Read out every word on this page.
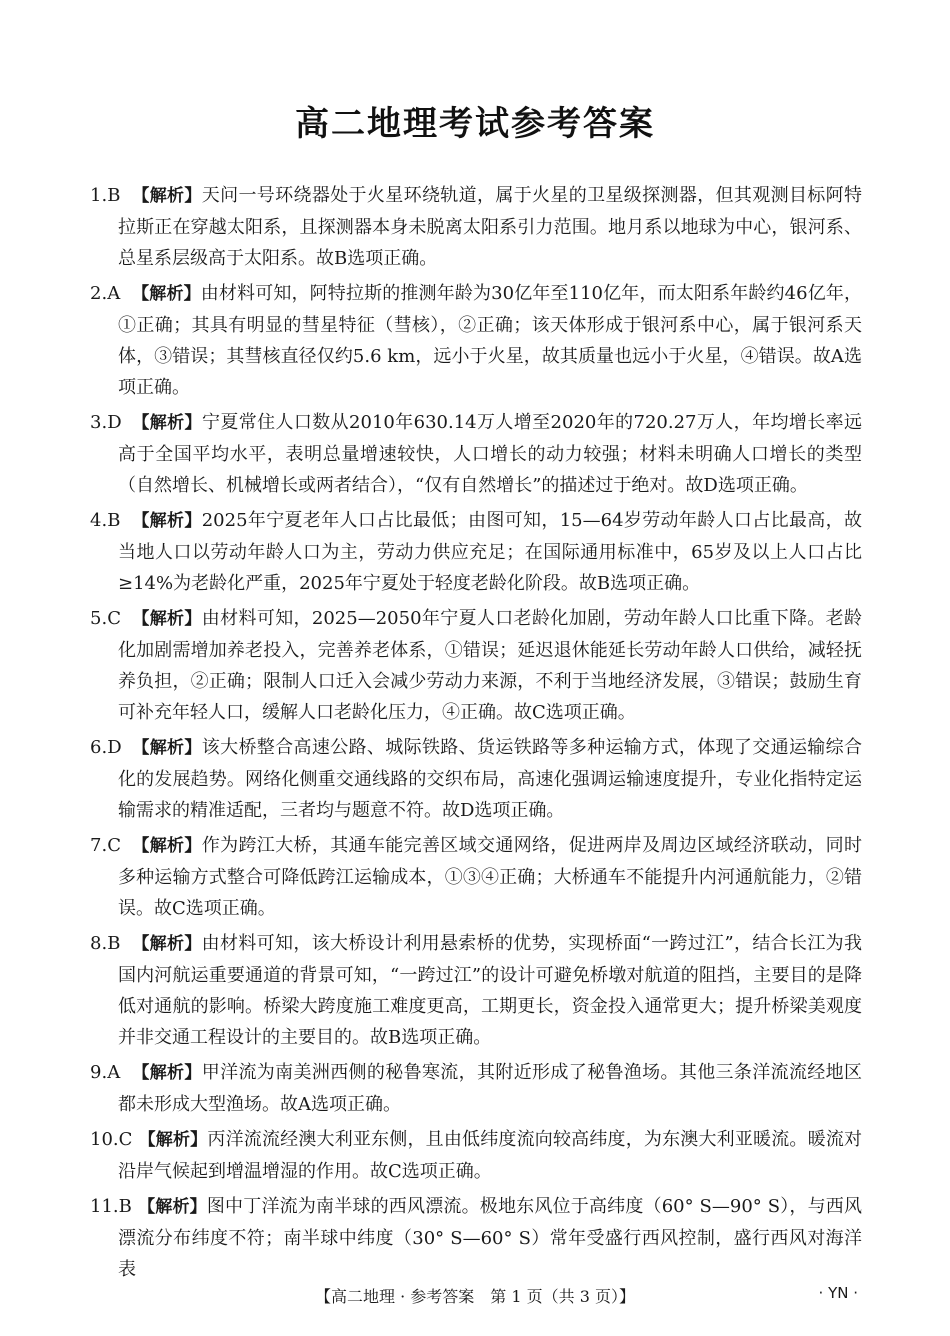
高二地理考试参考答案
1.B 【解析】天问一号环绕器处于火星环绕轨道，属于火星的卫星级探测器，但其观测目标阿特拉斯正在穿越太阳系，且探测器本身未脱离太阳系引力范围。地月系以地球为中心，银河系、总星系层级高于太阳系。故B选项正确。
2.A 【解析】由材料可知，阿特拉斯的推测年龄为30亿年至110亿年，而太阳系年龄约46亿年，①正确；其具有明显的彗星特征（彗核），②正确；该天体形成于银河系中心，属于银河系天体，③错误；其彗核直径仅约5.6 km，远小于火星，故其质量也远小于火星，④错误。故A选项正确。
3.D 【解析】宁夏常住人口数从2010年630.14万人增至2020年的720.27万人，年均增长率远高于全国平均水平，表明总量增速较快，人口增长的动力较强；材料未明确人口增长的类型（自然增长、机械增长或两者结合），“仅有自然增长”的描述过于绝对。故D选项正确。
4.B 【解析】2025年宁夏老年人口占比最低；由图可知，15—64岁劳动年龄人口占比最高，故当地人口以劳动年龄人口为主，劳动力供应充足；在国际通用标准中，65岁及以上人口占比≥14%为老龄化严重，2025年宁夏处于轻度老龄化阶段。故B选项正确。
5.C 【解析】由材料可知，2025—2050年宁夏人口老龄化加剧，劳动年龄人口比重下降。老龄化加剧需增加养老投入，完善养老体系，①错误；延迟退休能延长劳动年龄人口供给，减轻抚养负担，②正确；限制人口迁入会减少劳动力来源，不利于当地经济发展，③错误；鼓励生育可补充年轻人口，缓解人口老龄化压力，④正确。故C选项正确。
6.D 【解析】该大桥整合高速公路、城际铁路、货运铁路等多种运输方式，体现了交通运输综合化的发展趋势。网络化侧重交通线路的交织布局，高速化强调运输速度提升，专业化指特定运输需求的精准适配，三者均与题意不符。故D选项正确。
7.C 【解析】作为跨江大桥，其通车能完善区域交通网络，促进两岸及周边区域经济联动，同时多种运输方式整合可降低跨江运输成本，①③④正确；大桥通车不能提升内河通航能力，②错误。故C选项正确。
8.B 【解析】由材料可知，该大桥设计利用悬索桥的优势，实现桥面“一跨过江”，结合长江为我国内河航运重要通道的背景可知，“一跨过江”的设计可避免桥墩对航道的阻挡，主要目的是降低对通航的影响。桥梁大跨度施工难度更高，工期更长，资金投入通常更大；提升桥梁美观度并非交通工程设计的主要目的。故B选项正确。
9.A 【解析】甲洋流为南美洲西侧的秘鲁寒流，其附近形成了秘鲁渔场。其他三条洋流流经地区都未形成大型渔场。故A选项正确。
10.C 【解析】丙洋流流经澳大利亚东侧，且由低纬度流向较高纬度，为东澳大利亚暖流。暖流对沿岸气候起到增温增湿的作用。故C选项正确。
11.B 【解析】图中丁洋流为南半球的西风漂流。极地东风位于高纬度（60° S—90° S），与西风漂流分布纬度不符；南半球中纬度（30° S—60° S）常年受盛行西风控制，盛行西风对海洋表
【高二地理 · 参考答案　第 1 页（共 3 页）】	· YN ·
